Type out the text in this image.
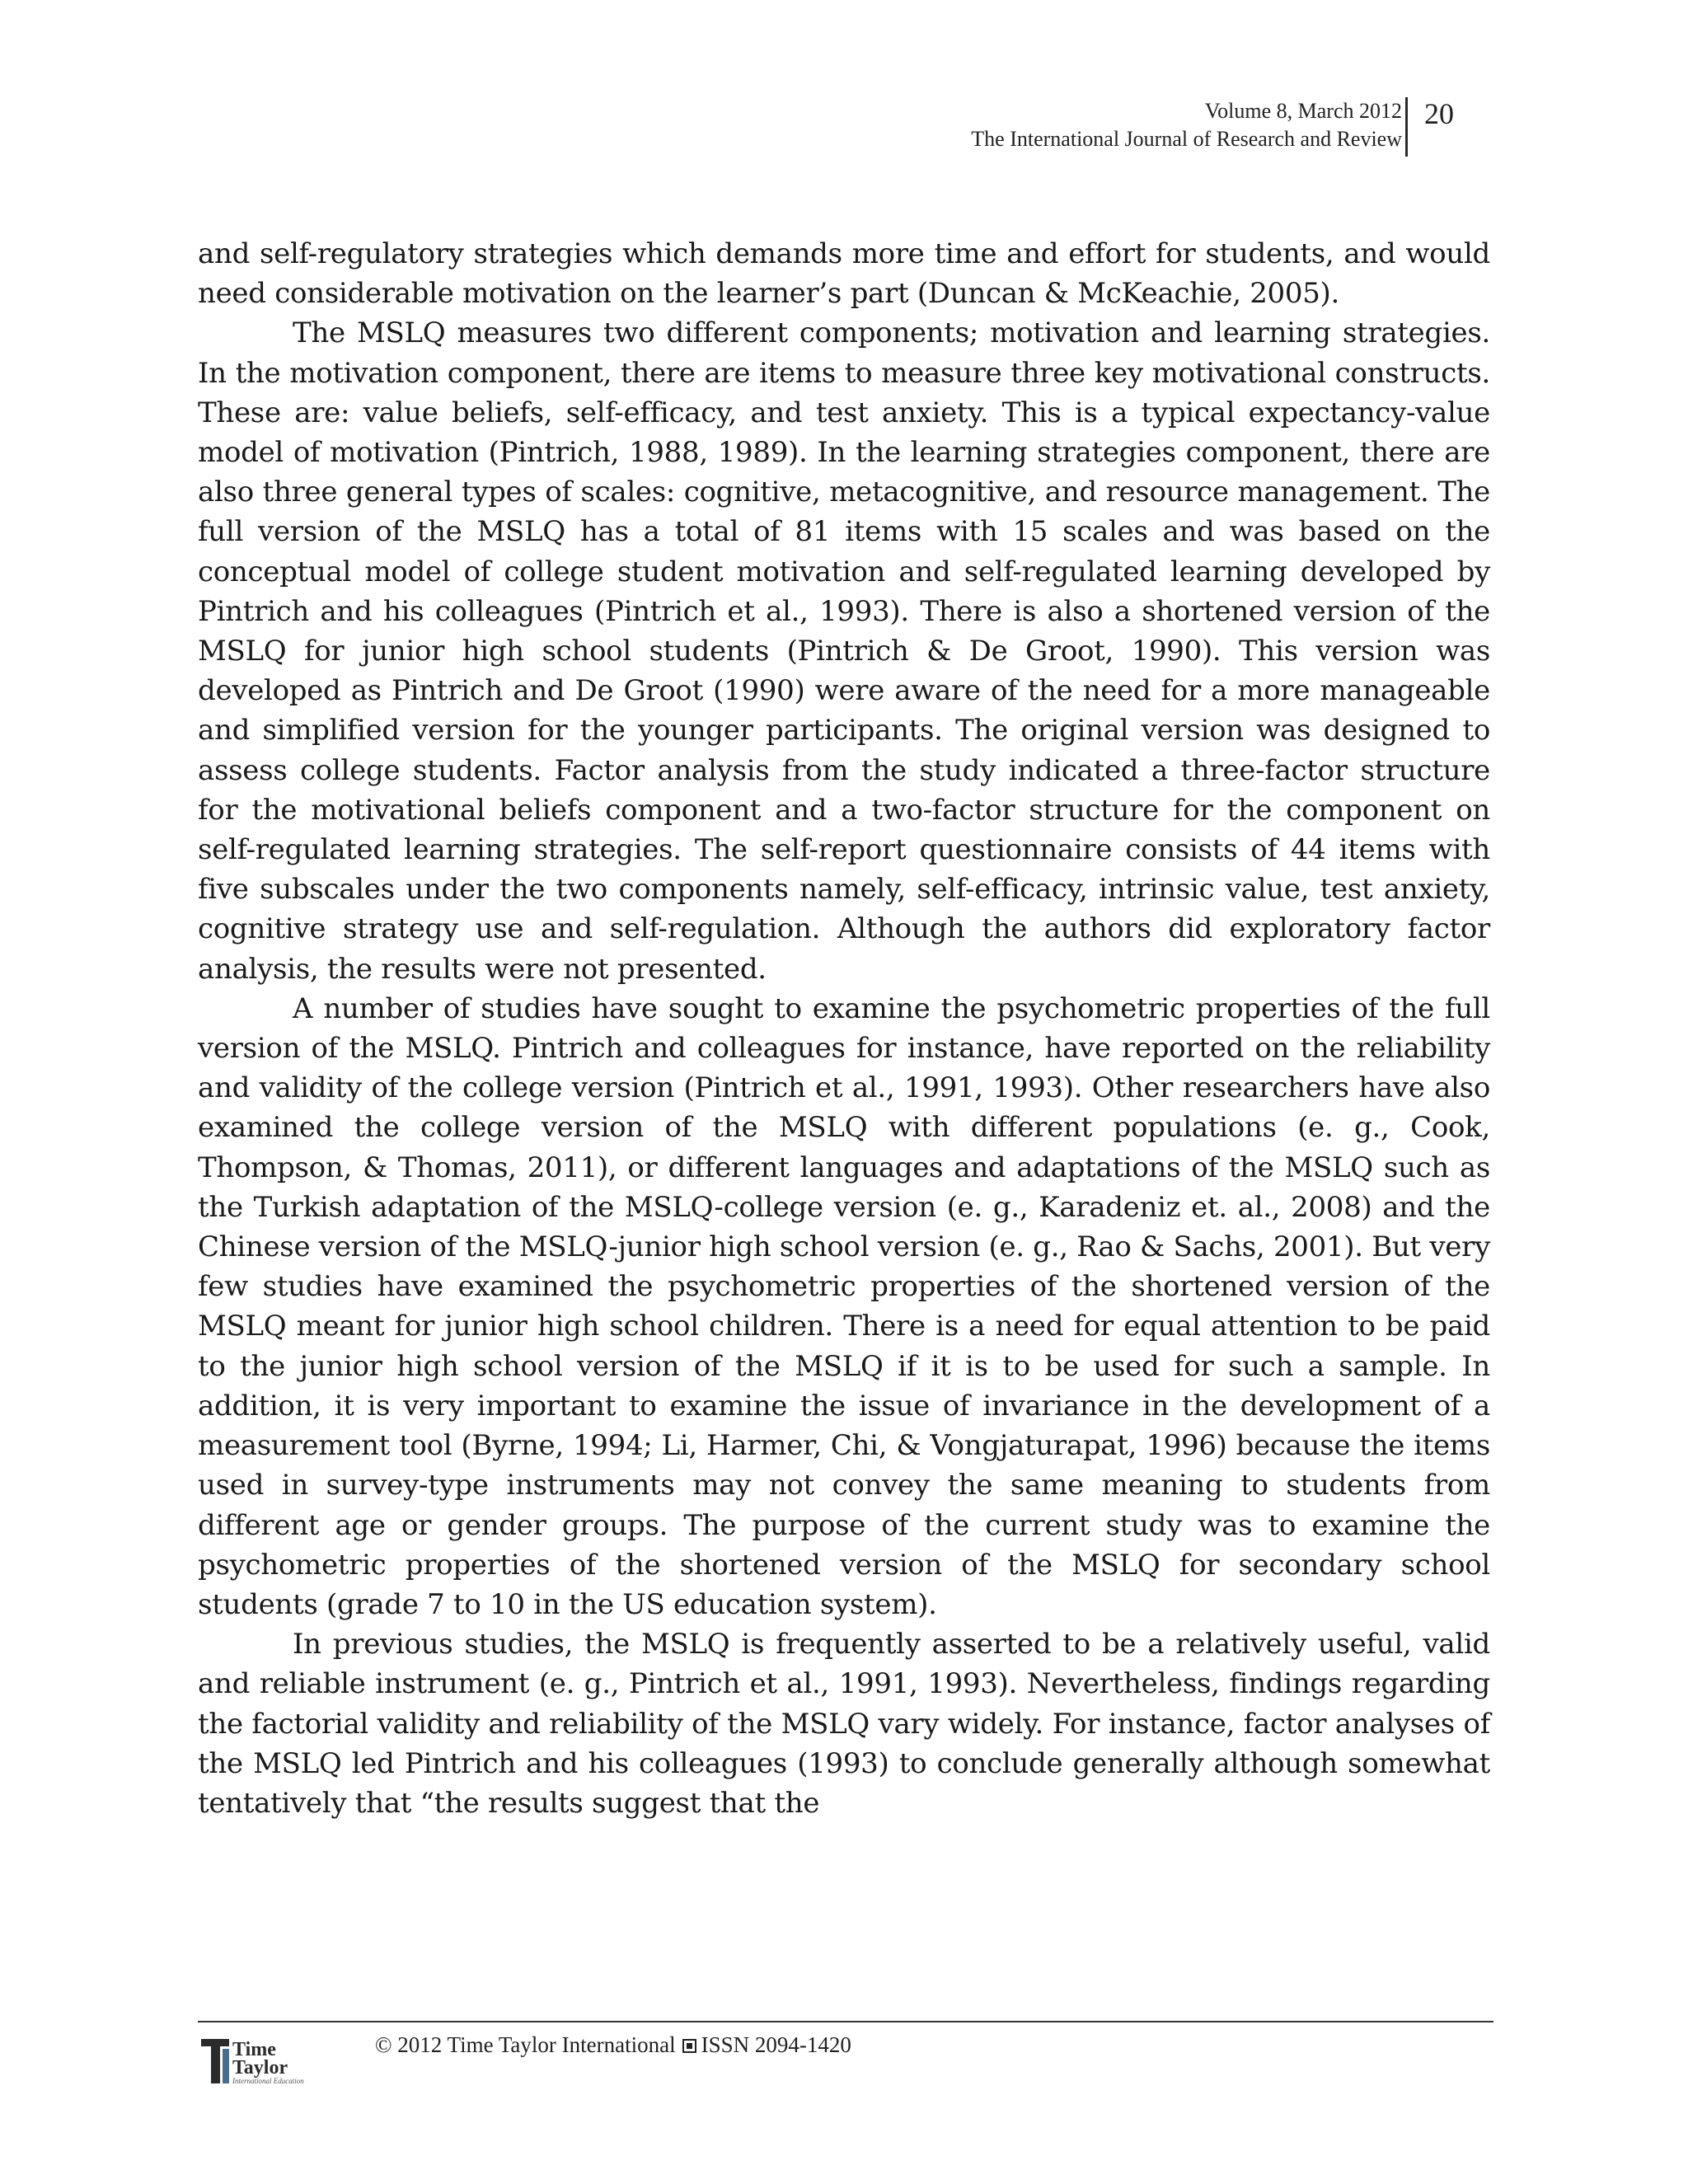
Volume 8, March 2012
The International Journal of Research and Review
20

and self-regulatory strategies which demands more time and effort for students, and would need considerable motivation on the learner’s part (Duncan & McKeachie, 2005).

The MSLQ measures two different components; motivation and learning strategies. In the motivation component, there are items to measure three key motivational constructs. These are: value beliefs, self-efficacy, and test anxiety. This is a typical expectancy-value model of motivation (Pintrich, 1988, 1989). In the learning strategies component, there are also three general types of scales: cognitive, metacognitive, and resource management. The full version of the MSLQ has a total of 81 items with 15 scales and was based on the conceptual model of college student motivation and self-regulated learning developed by Pintrich and his colleagues (Pintrich et al., 1993). There is also a shortened version of the MSLQ for junior high school students (Pintrich & De Groot, 1990). This version was developed as Pintrich and De Groot (1990) were aware of the need for a more manageable and simplified version for the younger participants. The original version was designed to assess college students. Factor analysis from the study indicated a three-factor structure for the motivational beliefs component and a two-factor structure for the component on self-regulated learning strategies. The self-report questionnaire consists of 44 items with five subscales under the two components namely, self-efficacy, intrinsic value, test anxiety, cognitive strategy use and self-regulation. Although the authors did exploratory factor analysis, the results were not presented.

A number of studies have sought to examine the psychometric properties of the full version of the MSLQ. Pintrich and colleagues for instance, have reported on the reliability and validity of the college version (Pintrich et al., 1991, 1993). Other researchers have also examined the college version of the MSLQ with different populations (e. g., Cook, Thompson, & Thomas, 2011), or different languages and adaptations of the MSLQ such as the Turkish adaptation of the MSLQ-college version (e. g., Karadeniz et. al., 2008) and the Chinese version of the MSLQ-junior high school version (e. g., Rao & Sachs, 2001). But very few studies have examined the psychometric properties of the shortened version of the MSLQ meant for junior high school children. There is a need for equal attention to be paid to the junior high school version of the MSLQ if it is to be used for such a sample. In addition, it is very important to examine the issue of invariance in the development of a measurement tool (Byrne, 1994; Li, Harmer, Chi, & Vongjaturapat, 1996) because the items used in survey-type instruments may not convey the same meaning to students from different age or gender groups. The purpose of the current study was to examine the psychometric properties of the shortened version of the MSLQ for secondary school students (grade 7 to 10 in the US education system).

In previous studies, the MSLQ is frequently asserted to be a relatively useful, valid and reliable instrument (e. g., Pintrich et al., 1991, 1993). Nevertheless, findings regarding the factorial validity and reliability of the MSLQ vary widely. For instance, factor analyses of the MSLQ led Pintrich and his colleagues (1993) to conclude generally although somewhat tentatively that “the results suggest that the

Time
Taylor
International Education
© 2012 Time Taylor International ISSN 2094-1420
